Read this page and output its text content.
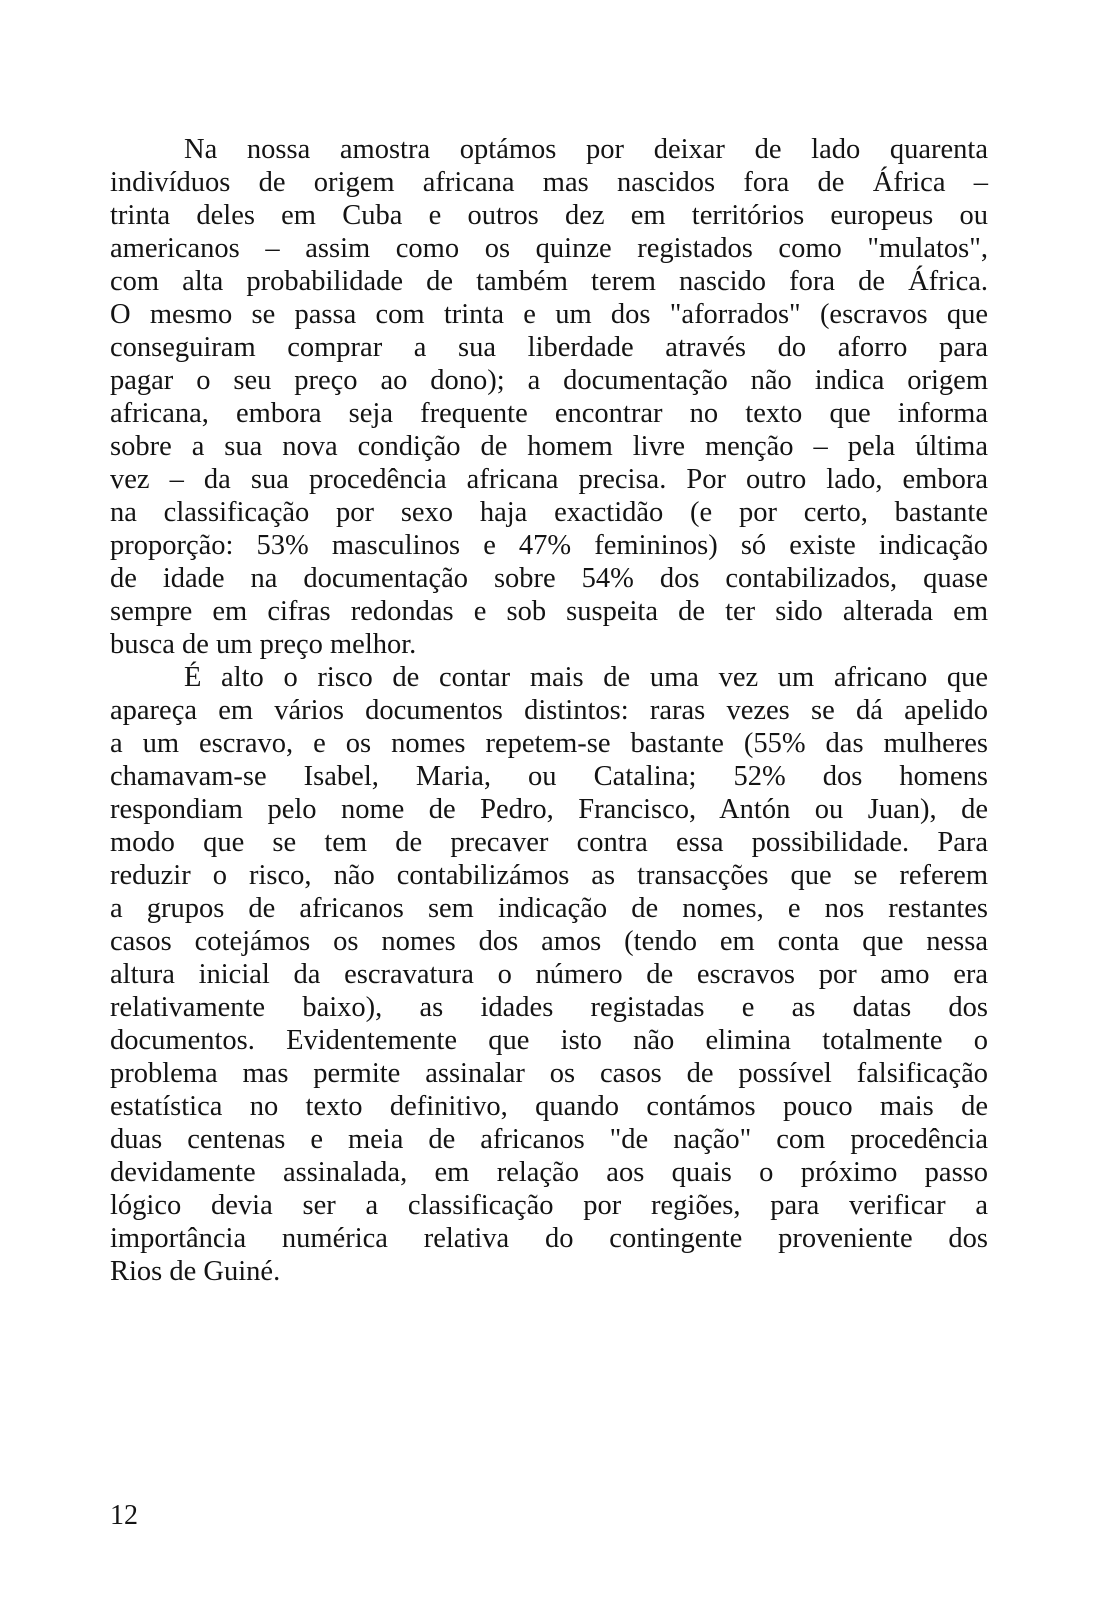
Na nossa amostra optámos por deixar de lado quarenta
indivíduos de origem africana mas nascidos fora de África –
trinta deles em Cuba e outros dez em territórios europeus ou
americanos – assim como os quinze registados como "mulatos",
com alta probabilidade de também terem nascido fora de África.
O mesmo se passa com trinta e um dos "aforrados" (escravos que
conseguiram comprar a sua liberdade através do aforro para
pagar o seu preço ao dono); a documentação não indica origem
africana, embora seja frequente encontrar no texto que informa
sobre a sua nova condição de homem livre menção – pela última
vez – da sua procedência africana precisa. Por outro lado, embora
na classificação por sexo haja exactidão (e por certo, bastante
proporção: 53% masculinos e 47% femininos) só existe indicação
de idade na documentação sobre 54% dos contabilizados, quase
sempre em cifras redondas e sob suspeita de ter sido alterada em
busca de um preço melhor.

É alto o risco de contar mais de uma vez um africano que
apareça em vários documentos distintos: raras vezes se dá apelido
a um escravo, e os nomes repetem-se bastante (55% das mulheres
chamavam-se Isabel, Maria, ou Catalina; 52% dos homens
respondiam pelo nome de Pedro, Francisco, Antón ou Juan), de
modo que se tem de precaver contra essa possibilidade. Para
reduzir o risco, não contabilizámos as transacções que se referem
a grupos de africanos sem indicação de nomes, e nos restantes
casos cotejámos os nomes dos amos (tendo em conta que nessa
altura inicial da escravatura o número de escravos por amo era
relativamente baixo), as idades registadas e as datas dos
documentos. Evidentemente que isto não elimina totalmente o
problema mas permite assinalar os casos de possível falsificação
estatística no texto definitivo, quando contámos pouco mais de
duas centenas e meia de africanos "de nação" com procedência
devidamente assinalada, em relação aos quais o próximo passo
lógico devia ser a classificação por regiões, para verificar a
importância numérica relativa do contingente proveniente dos
Rios de Guiné.

12
